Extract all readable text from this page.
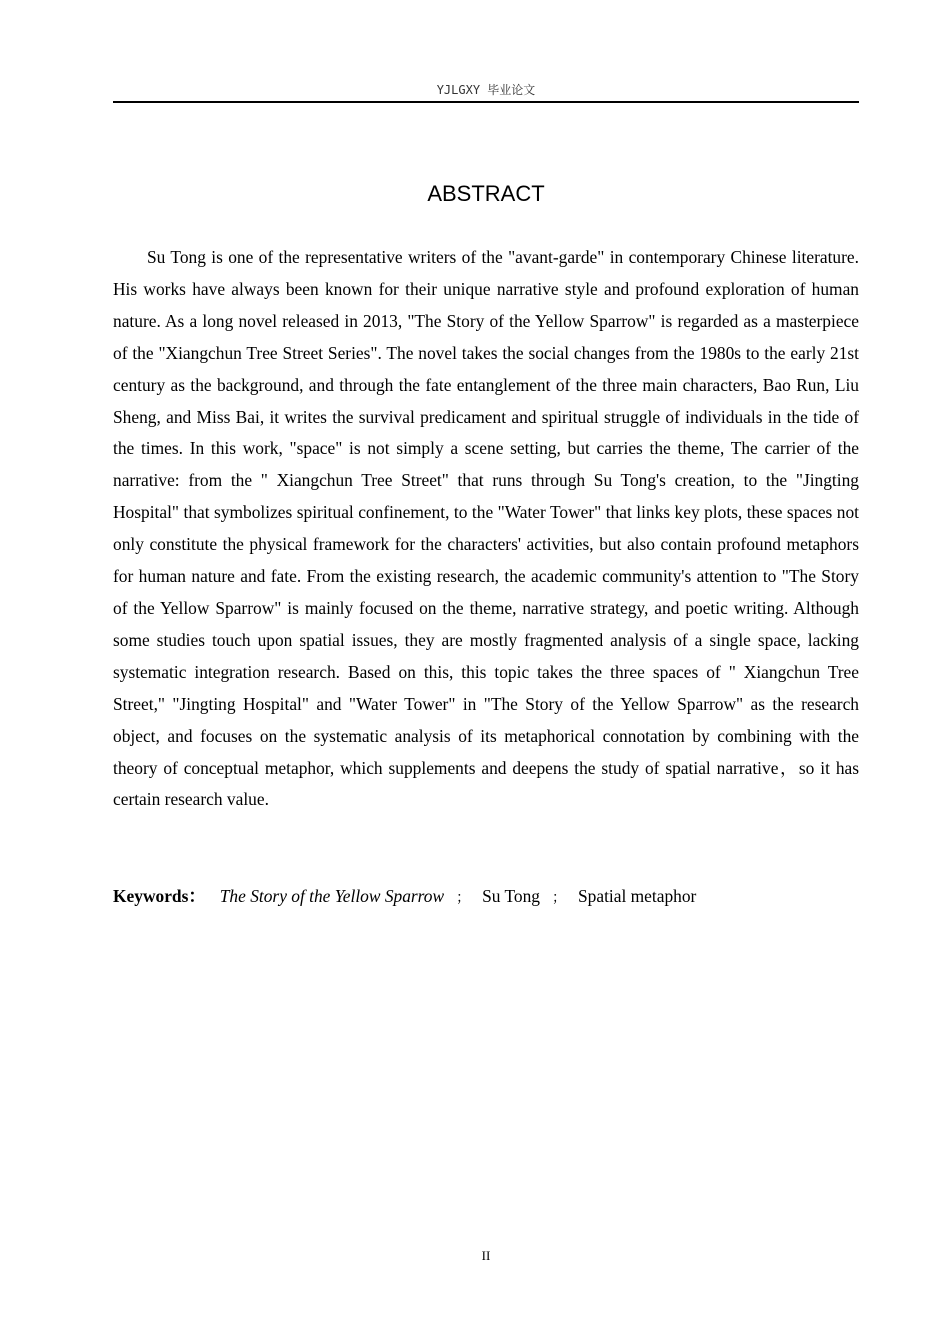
YJLGXY 毕业论文
ABSTRACT

Su Tong is one of the representative writers of the "avant-garde" in contemporary Chinese literature. His works have always been known for their unique narrative style and profound exploration of human nature. As a long novel released in 2013, "The Story of the Yellow Sparrow" is regarded as a masterpiece of the "Xiangchun Tree Street Series". The novel takes the social changes from the 1980s to the early 21st century as the background, and through the fate entanglement of the three main characters, Bao Run, Liu Sheng, and Miss Bai, it writes the survival predicament and spiritual struggle of individuals in the tide of the times. In this work, "space" is not simply a scene setting, but carries the theme, The carrier of the narrative: from the " Xiangchun Tree Street" that runs through Su Tong's creation, to the "Jingting Hospital" that symbolizes spiritual confinement, to the "Water Tower" that links key plots, these spaces not only constitute the physical framework for the characters' activities, but also contain profound metaphors for human nature and fate. From the existing research, the academic community's attention to "The Story of the Yellow Sparrow" is mainly focused on the theme, narrative strategy, and poetic writing. Although some studies touch upon spatial issues, they are mostly fragmented analysis of a single space, lacking systematic integration research. Based on this, this topic takes the three spaces of " Xiangchun Tree Street," "Jingting Hospital" and "Water Tower" in "The Story of the Yellow Sparrow" as the research object, and focuses on the systematic analysis of its metaphorical connotation by combining with the theory of conceptual metaphor, which supplements and deepens the study of spatial narrative，so it has certain research value.

Keywords： The Story of the Yellow Sparrow ； Su Tong ； Spatial metaphor

II
